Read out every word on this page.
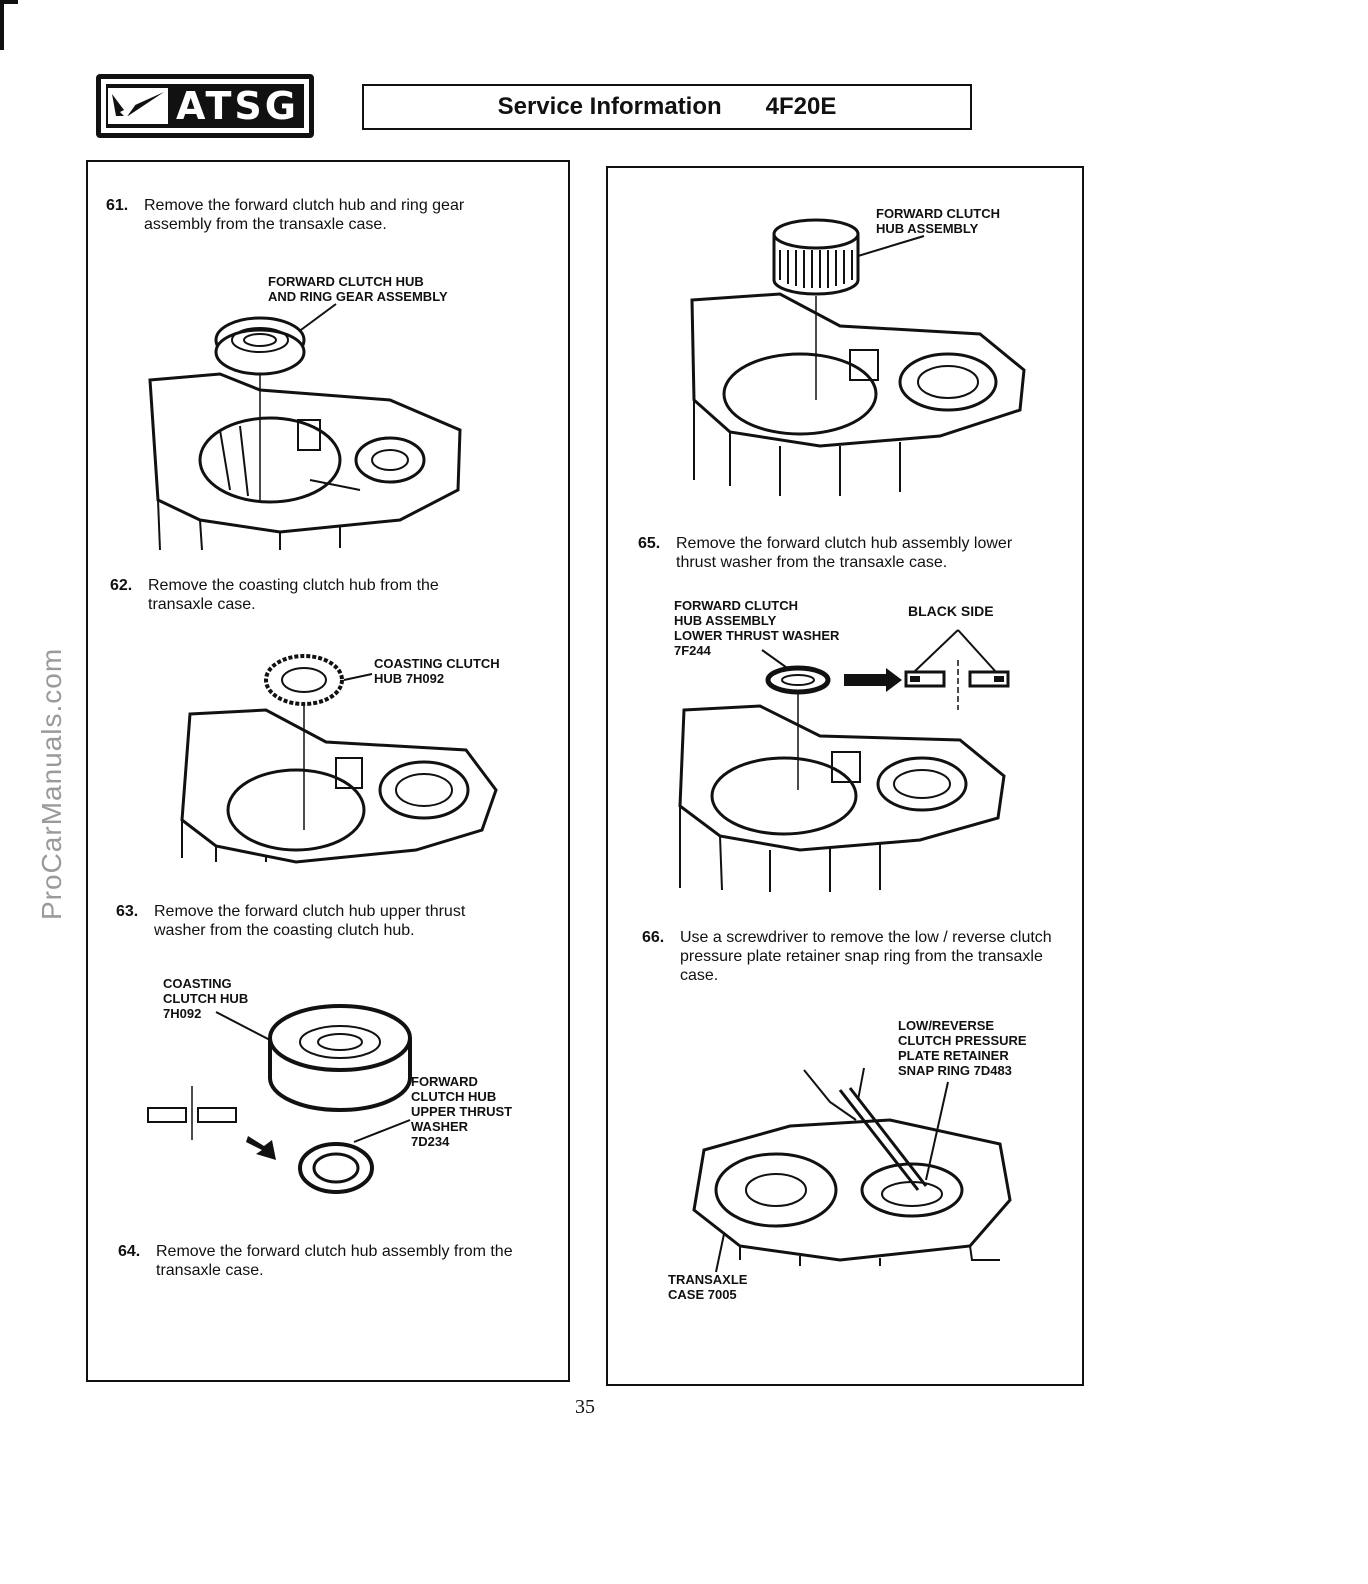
ATSG	Service Information 4F20E
ProCarManuals.com
61. Remove the forward clutch hub and ring gear assembly from the transaxle case.
FORWARD CLUTCH HUB
AND RING GEAR ASSEMBLY
62. Remove the coasting clutch hub from the transaxle case.
COASTING CLUTCH
HUB 7H092
63. Remove the forward clutch hub upper thrust washer from the coasting clutch hub.
COASTING
CLUTCH HUB
7H092
FORWARD
CLUTCH HUB
UPPER THRUST
WASHER
7D234
64. Remove the forward clutch hub assembly from the transaxle case.
FORWARD CLUTCH
HUB ASSEMBLY
65. Remove the forward clutch hub assembly lower thrust washer from the transaxle case.
FORWARD CLUTCH
HUB ASSEMBLY
LOWER THRUST WASHER
7F244
BLACK SIDE
66. Use a screwdriver to remove the low / reverse clutch pressure plate retainer snap ring from the transaxle case.
LOW/REVERSE
CLUTCH PRESSURE
PLATE RETAINER
SNAP RING 7D483
TRANSAXLE
CASE 7005
35
